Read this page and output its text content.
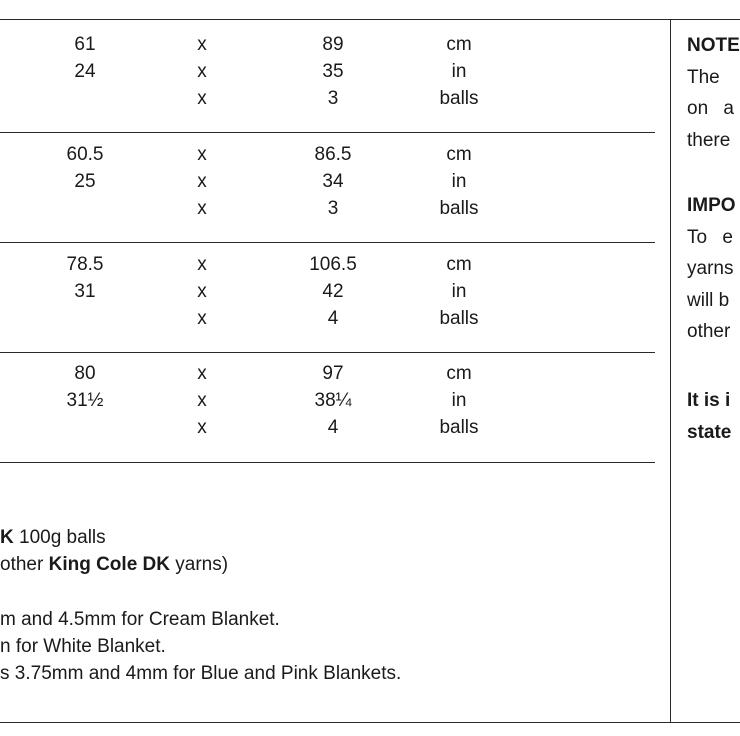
61
24
x
x
x
89
35
3
cm
in
balls
60.5
25
x
x
x
86.5
34
3
cm
in
balls
78.5
31
x
x
x
106.5
42
4
cm
in
balls
80
31½
x
x
x
97
38¼
4
cm
in
balls
K 100g balls
other King Cole DK yarns)
m and 4.5mm for Cream Blanket.
n for White Blanket.
s 3.75mm and 4mm for Blue and Pink Blankets.
NOTE
The
on a
there
IMPO
To e
yarns
will b
other
It is i
state
